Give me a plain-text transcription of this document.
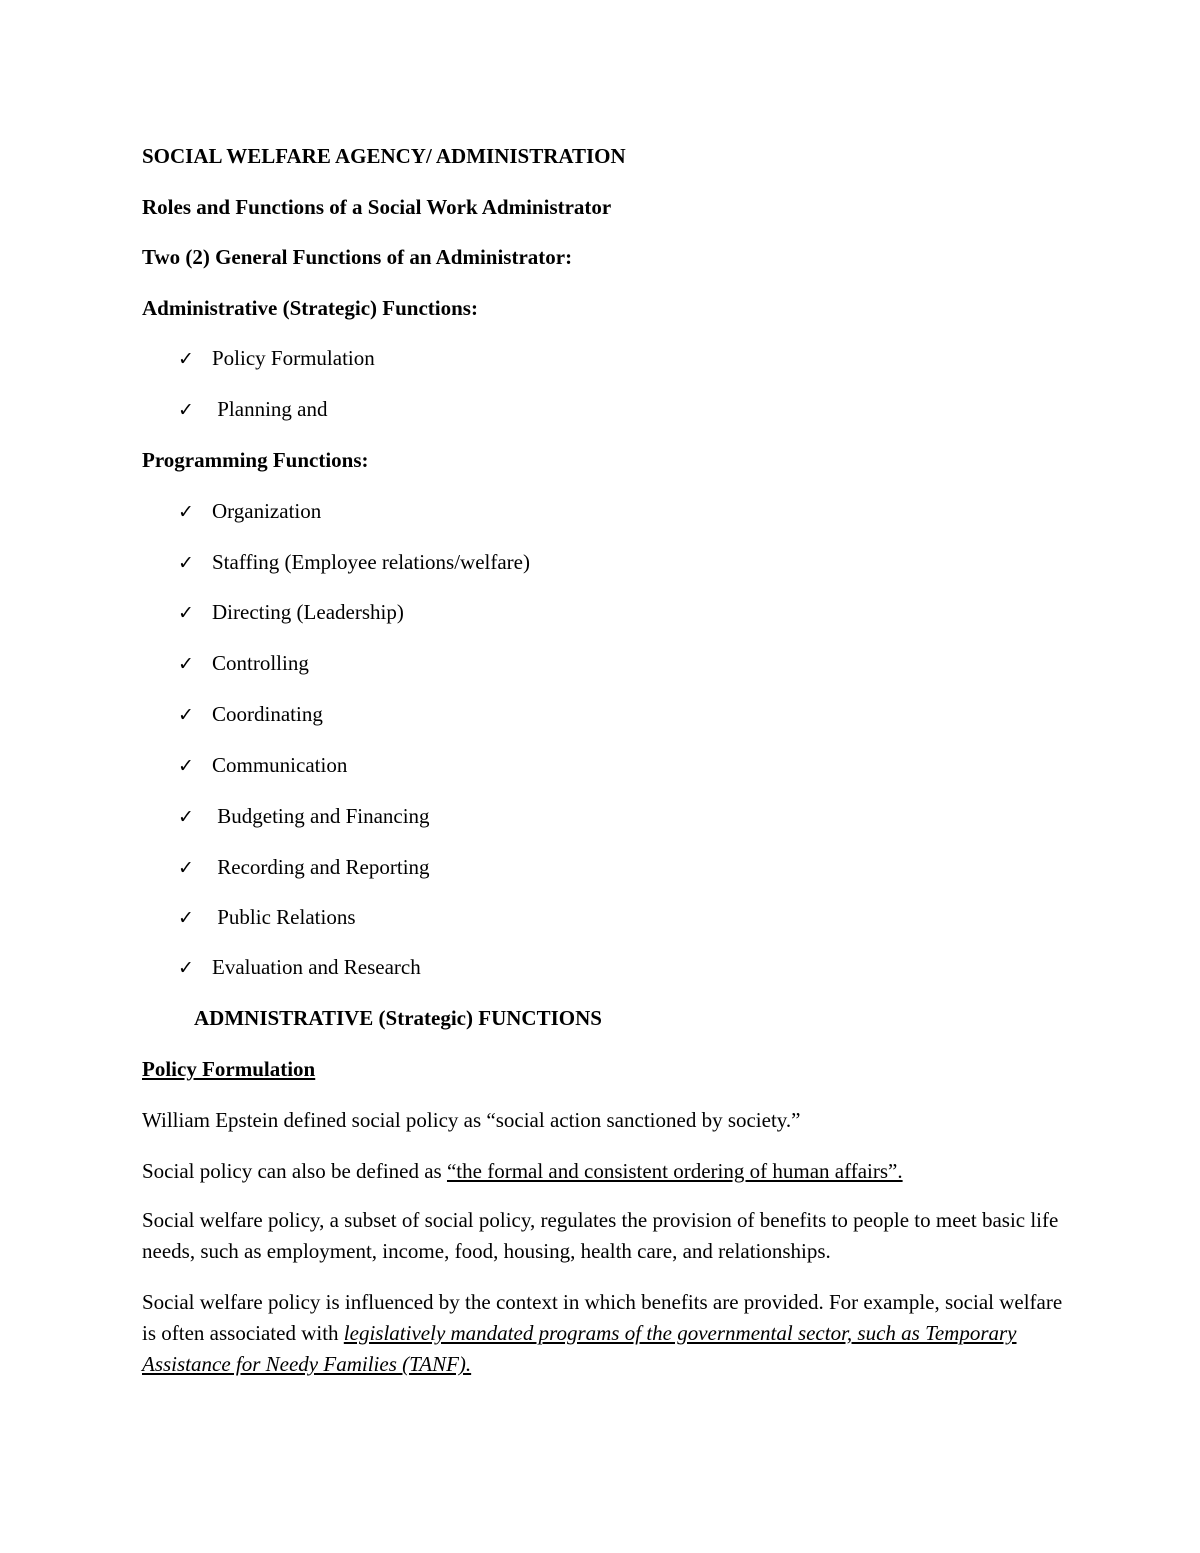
SOCIAL WELFARE AGENCY/ ADMINISTRATION
Roles and Functions of a Social Work Administrator
Two (2) General Functions of an Administrator:
Administrative (Strategic) Functions:
✓ Policy Formulation
✓ Planning and
Programming Functions:
✓ Organization
✓ Staffing (Employee relations/welfare)
✓ Directing (Leadership)
✓ Controlling
✓ Coordinating
✓ Communication
✓ Budgeting and Financing
✓ Recording and Reporting
✓ Public Relations
✓ Evaluation and Research
ADMNISTRATIVE (Strategic) FUNCTIONS
Policy Formulation
William Epstein defined social policy as “social action sanctioned by society.”
Social policy can also be defined as “the formal and consistent ordering of human affairs”.
Social welfare policy, a subset of social policy, regulates the provision of benefits to people to meet basic life needs, such as employment, income, food, housing, health care, and relationships.
Social welfare policy is influenced by the context in which benefits are provided. For example, social welfare is often associated with legislatively mandated programs of the governmental sector, such as Temporary Assistance for Needy Families (TANF).
